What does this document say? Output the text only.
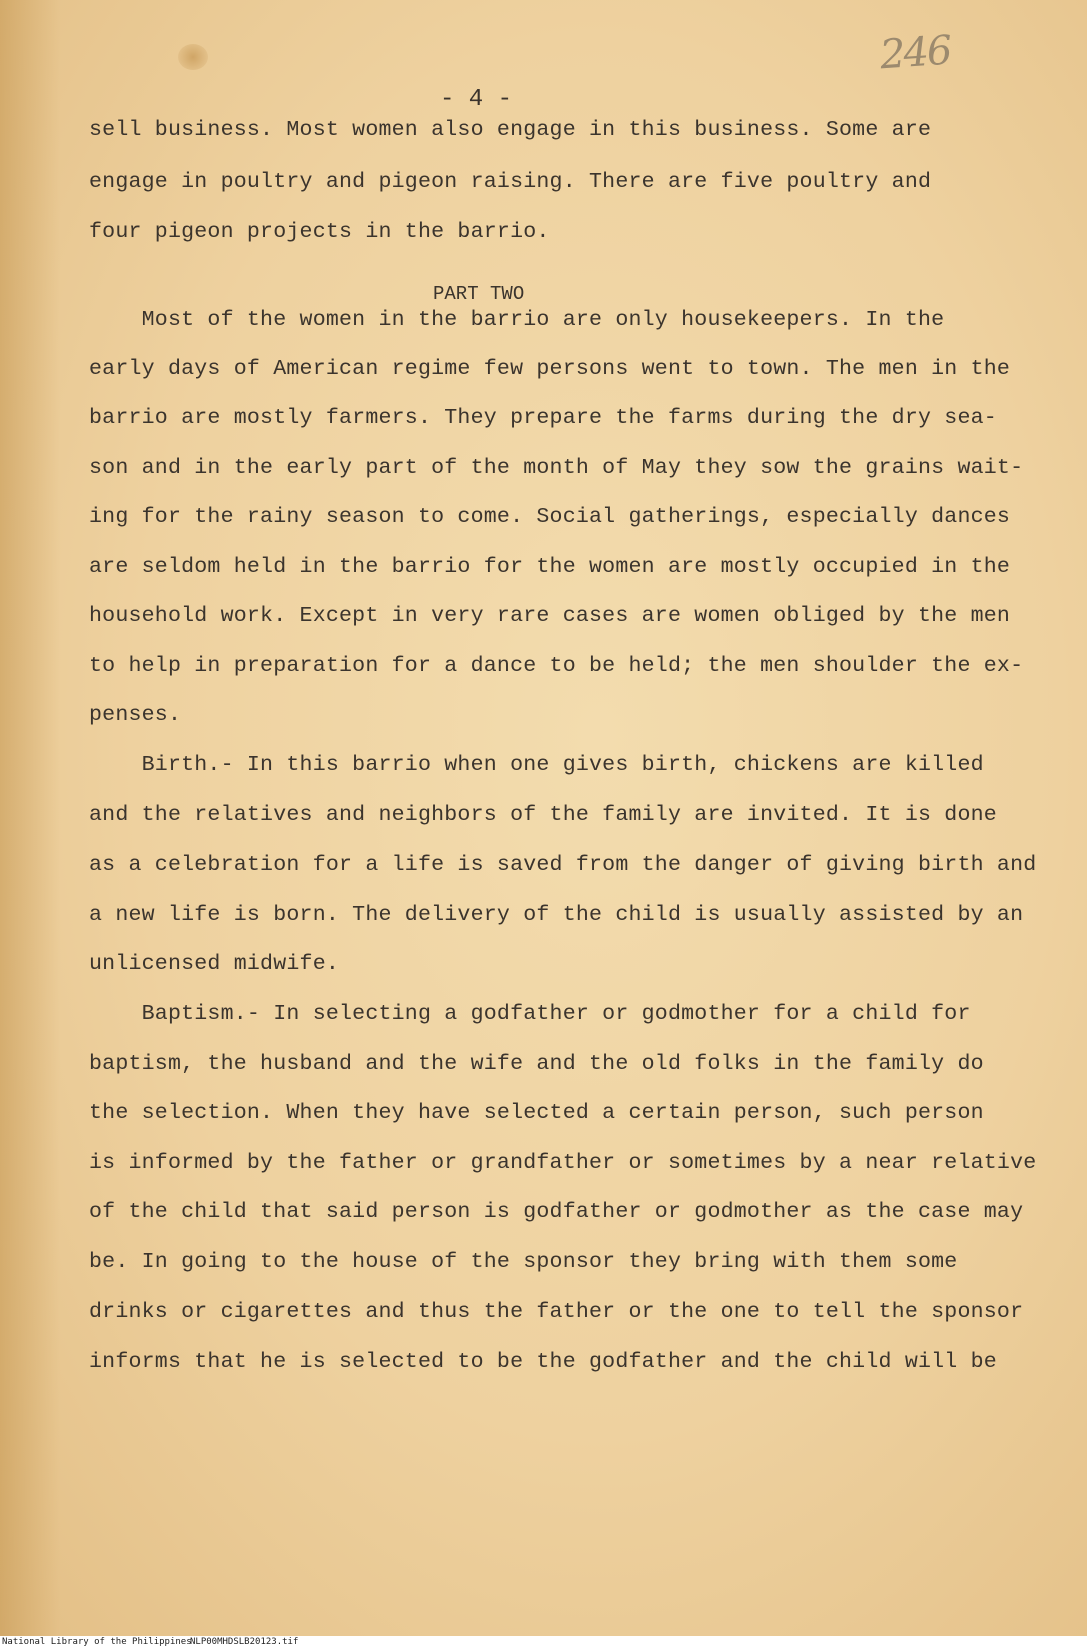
246
- 4 -
sell business. Most women also engage in this business. Some are
engage in poultry and pigeon raising. There are five poultry and
four pigeon projects in the barrio.
PART TWO
Most of the women in the barrio are only housekeepers. In the
early days of American regime few persons went to town. The men in the
barrio are mostly farmers. They prepare the farms during the dry sea-
son and in the early part of the month of May they sow the grains wait-
ing for the rainy season to come. Social gatherings, especially dances
are seldom held in the barrio for the women are mostly occupied in the
household work. Except in very rare cases are women obliged by the men
to help in preparation for a dance to be held; the men shoulder the ex-
penses.
Birth.- In this barrio when one gives birth, chickens are killed
and the relatives and neighbors of the family are invited. It is done
as a celebration for a life is saved from the danger of giving birth and
a new life is born. The delivery of the child is usually assisted by an
unlicensed midwife.
Baptism.- In selecting a godfather or godmother for a child for
baptism, the husband and the wife and the old folks in the family do
the selection. When they have selected a certain person, such person
is informed by the father or grandfather or sometimes by a near relative
of the child that said person is godfather or godmother as the case may
be. In going to the house of the sponsor they bring with them some
drinks or cigarettes and thus the father or the one to tell the sponsor
informs that he is selected to be the godfather and the child will be
National Library of the Philippines
NLP00MHDSLB20123.tif
